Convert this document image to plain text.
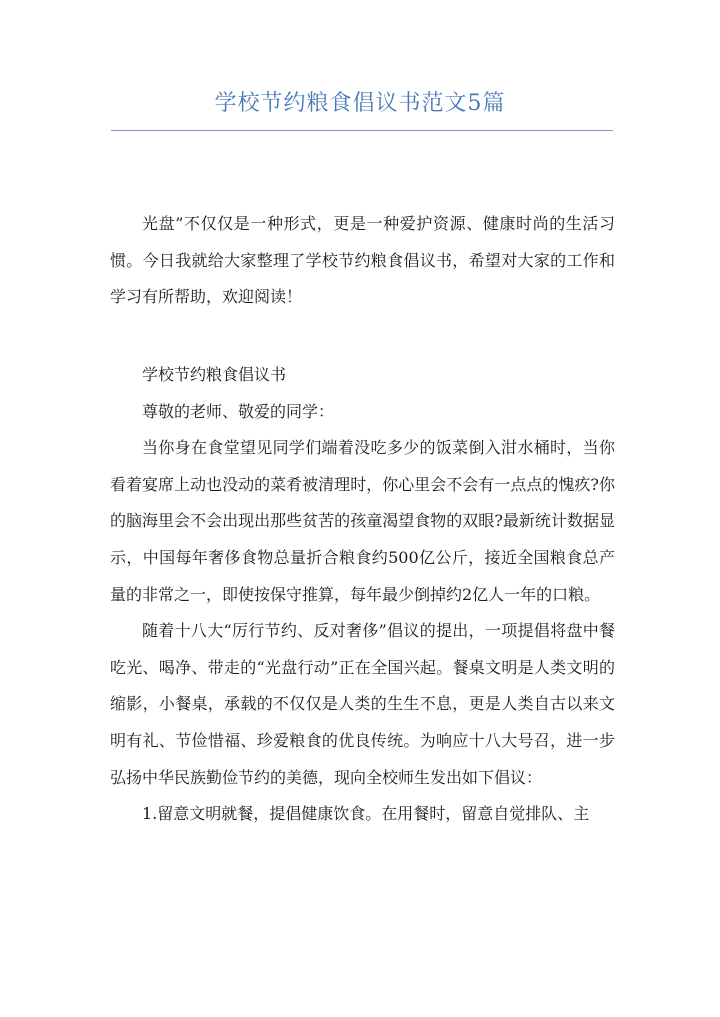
学校节约粮食倡议书范文5篇

光盘”不仅仅是一种形式，更是一种爱护资源、健康时尚的生活习惯。今日我就给大家整理了学校节约粮食倡议书，希望对大家的工作和学习有所帮助，欢迎阅读！

学校节约粮食倡议书

尊敬的老师、敬爱的同学：

当你身在食堂望见同学们端着没吃多少的饭菜倒入泔水桶时，当你看着宴席上动也没动的菜肴被清理时，你心里会不会有一点点的愧疚?你的脑海里会不会出现出那些贫苦的孩童渴望食物的双眼?最新统计数据显示，中国每年奢侈食物总量折合粮食约500亿公斤，接近全国粮食总产量的非常之一，即使按保守推算，每年最少倒掉约2亿人一年的口粮。

随着十八大“厉行节约、反对奢侈”倡议的提出，一项提倡将盘中餐吃光、喝净、带走的“光盘行动”正在全国兴起。餐桌文明是人类文明的缩影，小餐桌，承载的不仅仅是人类的生生不息，更是人类自古以来文明有礼、节俭惜福、珍爱粮食的优良传统。为响应十八大号召，进一步弘扬中华民族勤俭节约的美德，现向全校师生发出如下倡议：

1.留意文明就餐，提倡健康饮食。在用餐时，留意自觉排队、主
